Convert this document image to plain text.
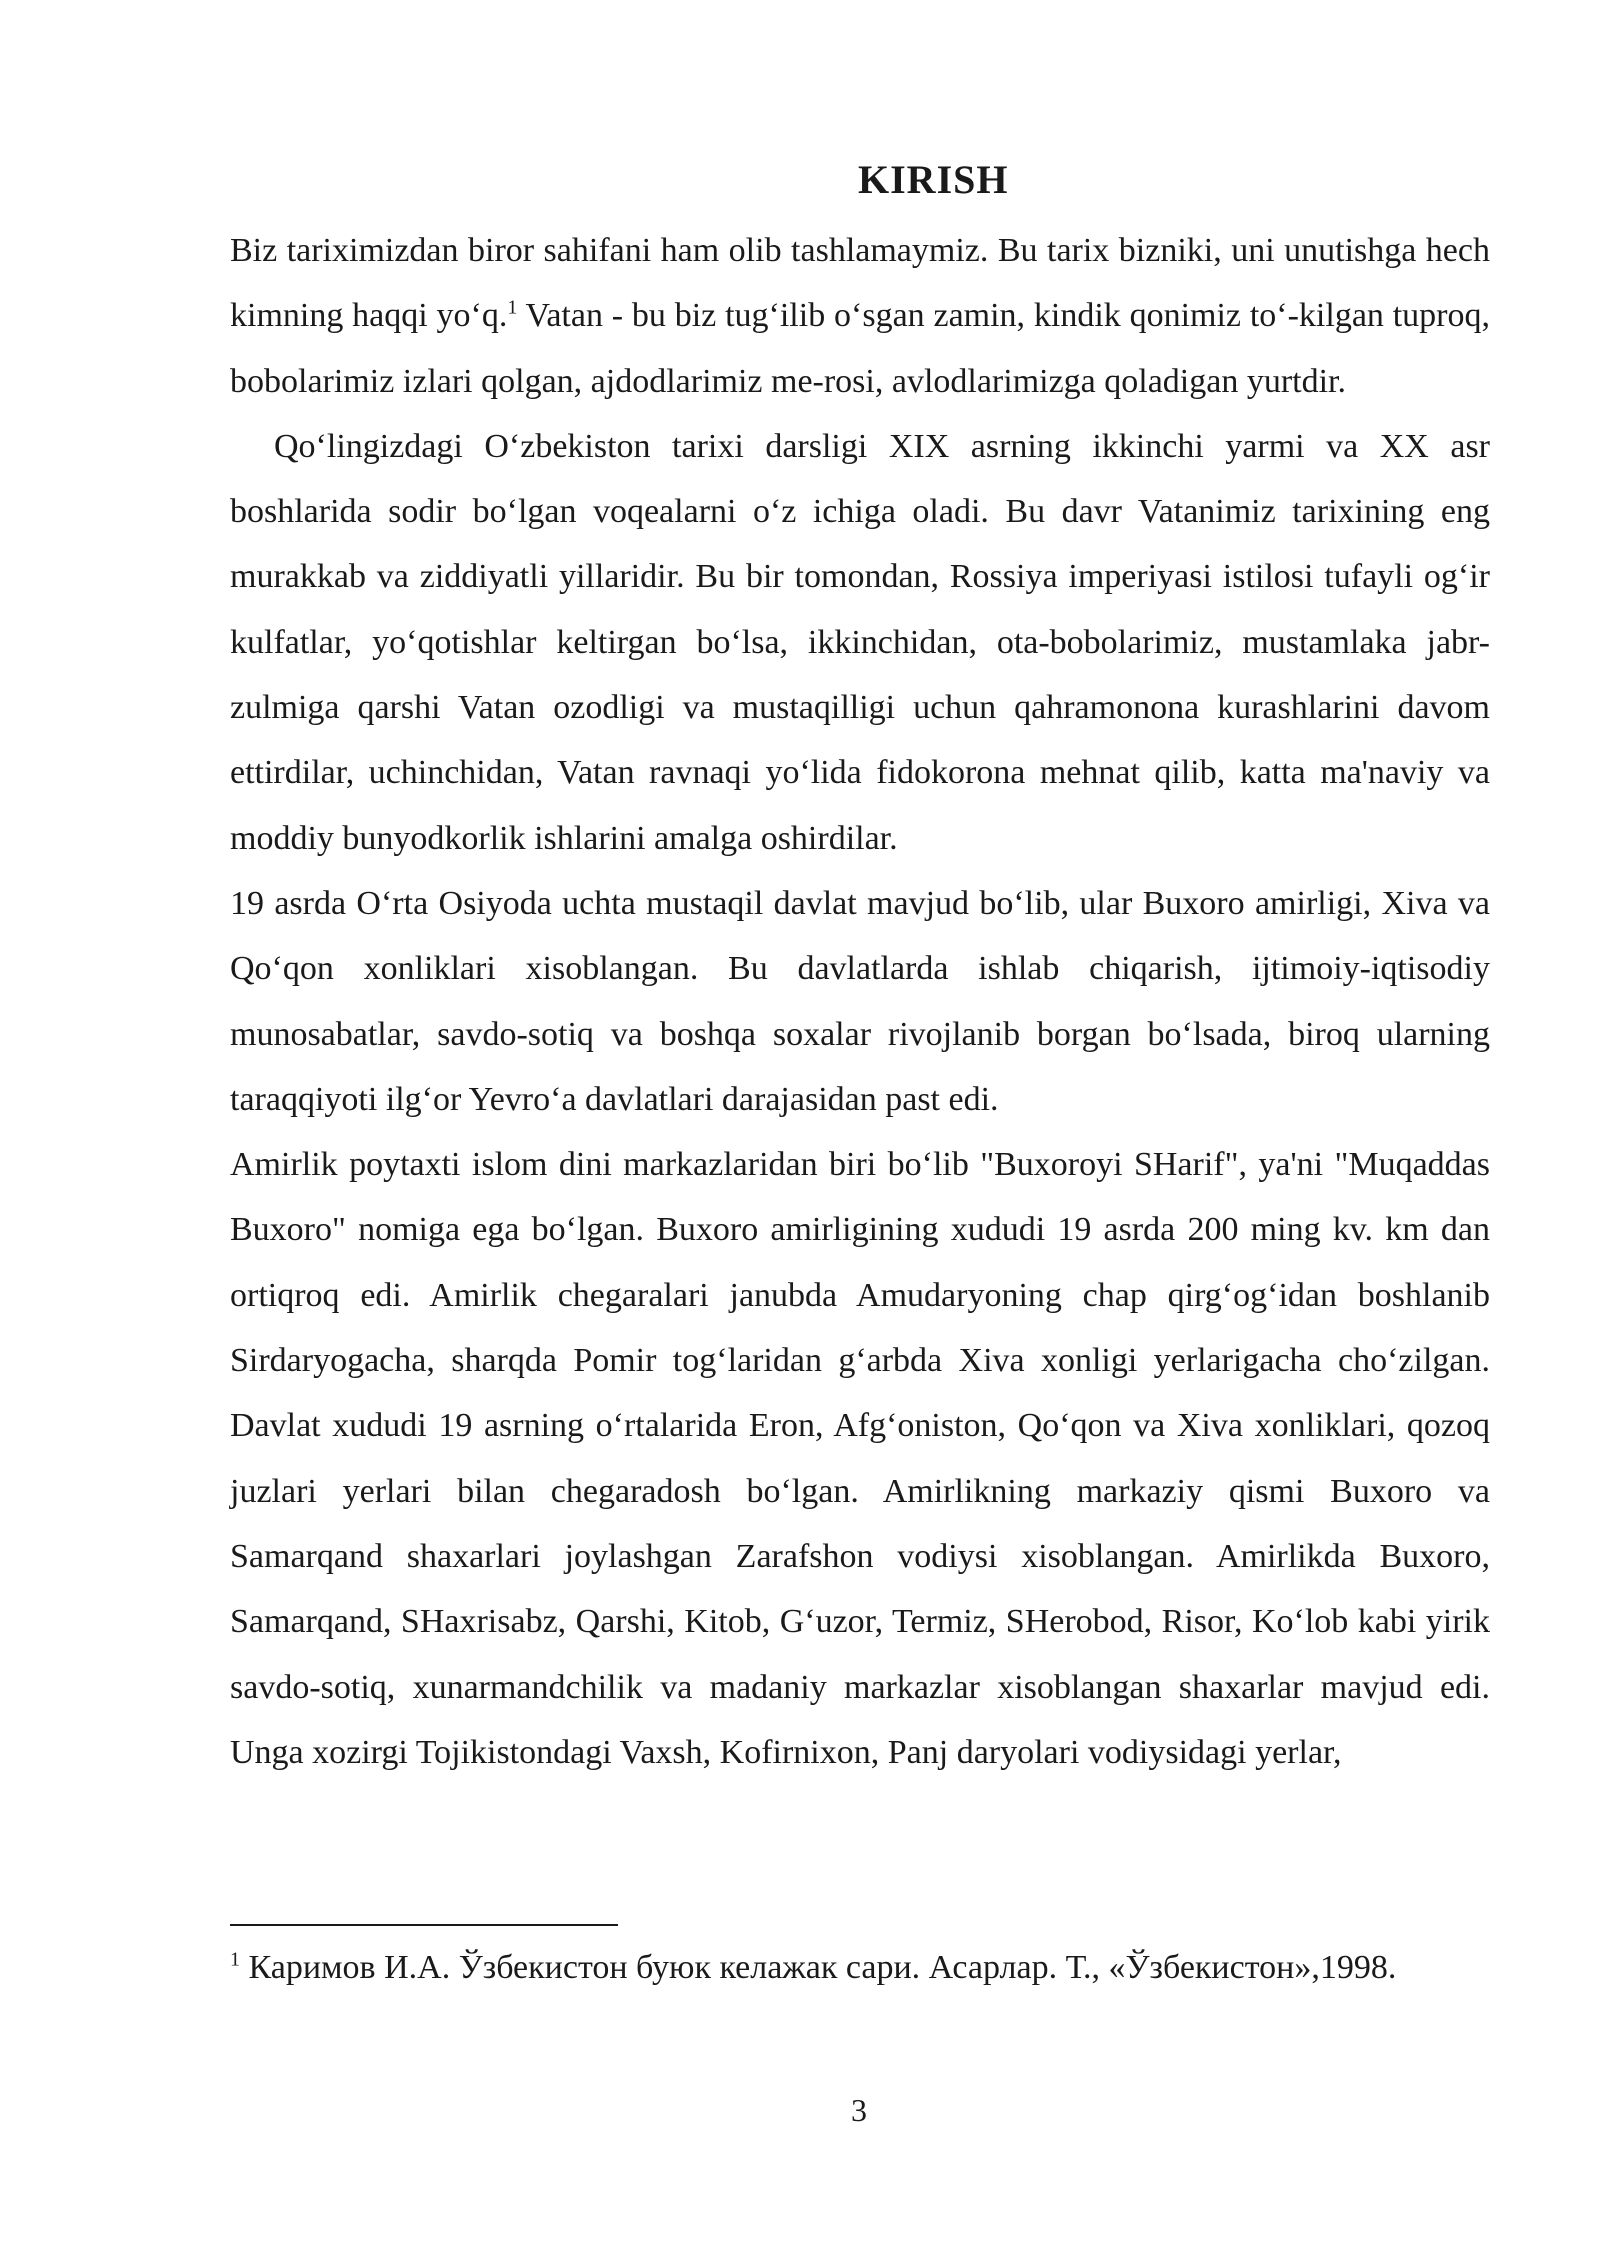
KIRISH

Biz tariximizdan biror sahifani ham olib tashlamaymiz. Bu tarix bizniki, uni unutishga hech kimning haqqi yo‘q.$^1$ Vatan - bu biz tug‘ilib o‘sgan zamin, kindik qonimiz to‘-kilgan tuproq, bobolarimiz izlari qolgan, ajdodlarimiz me-rosi, avlodlarimizga qoladigan yurtdir.

Qo‘lingizdagi O‘zbekiston tarixi darsligi XIX asrning ikkinchi yarmi va XX asr boshlarida sodir bo‘lgan voqealarni o‘z ichiga oladi. Bu davr Vatanimiz tarixining eng murakkab va ziddiyatli yillaridir. Bu bir tomondan, Rossiya imperiyasi istilosi tufayli og‘ir kulfatlar, yo‘qotishlar keltirgan bo‘lsa, ikkinchidan, ota-bobolarimiz, mustamlaka jabr-zulmiga qarshi Vatan ozodligi va mustaqilligi uchun qahramonona kurashlarini davom ettirdilar, uchinchidan, Vatan ravnaqi yo‘lida fidokorona mehnat qilib, katta ma'naviy va moddiy bunyodkorlik ishlarini amalga oshirdilar.

19 asrda O‘rta Osiyoda uchta mustaqil davlat mavjud bo‘lib, ular Buxoro amirligi, Xiva va Qo‘qon xonliklari xisoblangan. Bu davlatlarda ishlab chiqarish, ijtimoiy-iqtisodiy munosabatlar, savdo-sotiq va boshqa soxalar rivojlanib borgan bo‘lsada, biroq ularning taraqqiyoti ilg‘or Yevro‘a davlatlari darajasidan past edi.

Amirlik poytaxti islom dini markazlaridan biri bo‘lib "Buxoroyi SHarif", ya'ni "Muqaddas Buxoro" nomiga ega bo‘lgan. Buxoro amirligining xududi 19 asrda 200 ming kv. km dan ortiqroq edi. Amirlik chegaralari janubda Amudaryoning chap qirg‘og‘idan boshlanib Sirdaryogacha, sharqda Pomir tog‘laridan g‘arbda Xiva xonligi yerlarigacha cho‘zilgan. Davlat xududi 19 asrning o‘rtalarida Eron, Afg‘oniston, Qo‘qon va Xiva xonliklari, qozoq juzlari yerlari bilan chegaradosh bo‘lgan. Amirlikning markaziy qismi Buxoro va Samarqand shaxarlari joylashgan Zarafshon vodiysi xisoblangan. Amirlikda Buxoro, Samarqand, SHaxrisabz, Qarshi, Kitob, G‘uzor, Termiz, SHerobod, Risor, Ko‘lob kabi yirik savdo-sotiq, xunarmandchilik va madaniy markazlar xisoblangan shaxarlar mavjud edi. Unga xozirgi Tojikistondagi Vaxsh, Kofirnixon, Panj daryolari vodiysidagi yerlar,

$^1$ Каримов И.А. Ўзбекистон буюк келажак сари. Асарлар. Т., «Ўзбекистон»,1998.
3
